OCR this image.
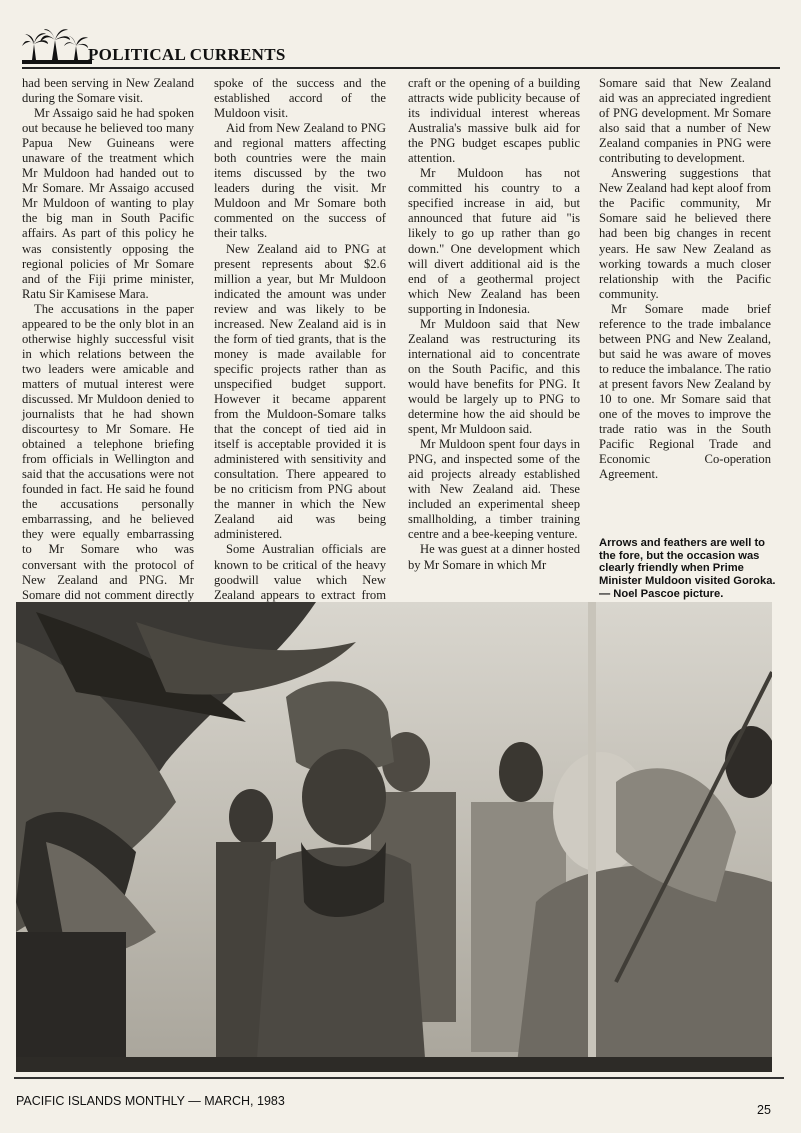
POLITICAL CURRENTS

had been serving in New Zealand during the Somare visit.

Mr Assaigo said he had spoken out because he believed too many Papua New Guineans were unaware of the treatment which Mr Muldoon had handed out to Mr Somare. Mr Assaigo accused Mr Muldoon of wanting to play the big man in South Pacific affairs. As part of this policy he was consistently opposing the regional policies of Mr Somare and of the Fiji prime minister, Ratu Sir Kamisese Mara.

The accusations in the paper appeared to be the only blot in an otherwise highly successful visit in which relations between the two leaders were amicable and matters of mutual interest were discussed. Mr Muldoon denied to journalists that he had shown discourtesy to Mr Somare. He obtained a telephone briefing from officials in Wellington and said that the accusations were not founded in fact. He said he found the accusations personally embarrassing, and he believed they were equally embarrassing to Mr Somare who was conversant with the protocol of New Zealand and PNG. Mr Somare did not comment directly

spoke of the success and the established accord of the Muldoon visit.

Aid from New Zealand to PNG and regional matters affecting both countries were the main items discussed by the two leaders during the visit. Mr Muldoon and Mr Somare both commented on the success of their talks.

New Zealand aid to PNG at present represents about $2.6 million a year, but Mr Muldoon indicated the amount was under review and was likely to be increased. New Zealand aid is in the form of tied grants, that is the money is made available for specific projects rather than as unspecified budget support. However it became apparent from the Muldoon-Somare talks that the concept of tied aid in itself is acceptable provided it is administered with sensitivity and consultation. There appeared to be no criticism from PNG about the manner in which the New Zealand aid was being administered.

Some Australian officials are known to be critical of the heavy goodwill value which New Zealand appears to extract from

craft or the opening of a building attracts wide publicity because of its individual interest whereas Australia's massive bulk aid for the PNG budget escapes public attention.

Mr Muldoon has not committed his country to a specified increase in aid, but announced that future aid "is likely to go up rather than go down." One development which will divert additional aid is the end of a geothermal project which New Zealand has been supporting in Indonesia.

Mr Muldoon said that New Zealand was restructuring its international aid to concentrate on the South Pacific, and this would have benefits for PNG. It would be largely up to PNG to determine how the aid should be spent, Mr Muldoon said.

Mr Muldoon spent four days in PNG, and inspected some of the aid projects already established with New Zealand aid. These included an experimental sheep smallholding, a timber training centre and a bee-keeping venture.

He was guest at a dinner hosted by Mr Somare in which Mr

Somare said that New Zealand aid was an appreciated ingredient of PNG development. Mr Somare also said that a number of New Zealand companies in PNG were contributing to development.

Answering suggestions that New Zealand had kept aloof from the Pacific community, Mr Somare said he believed there had been big changes in recent years. He saw New Zealand as working towards a much closer relationship with the Pacific community.

Mr Somare made brief reference to the trade imbalance between PNG and New Zealand, but said he was aware of moves to reduce the imbalance. The ratio at present favors New Zealand by 10 to one. Mr Somare said that one of the moves to improve the trade ratio was in the South Pacific Regional Trade and Economic Co-operation Agreement.

Arrows and feathers are well to the fore, but the occasion was clearly friendly when Prime Minister Muldoon visited Goroka. — Noel Pascoe picture.
PACIFIC ISLANDS MONTHLY — MARCH, 1983
25
